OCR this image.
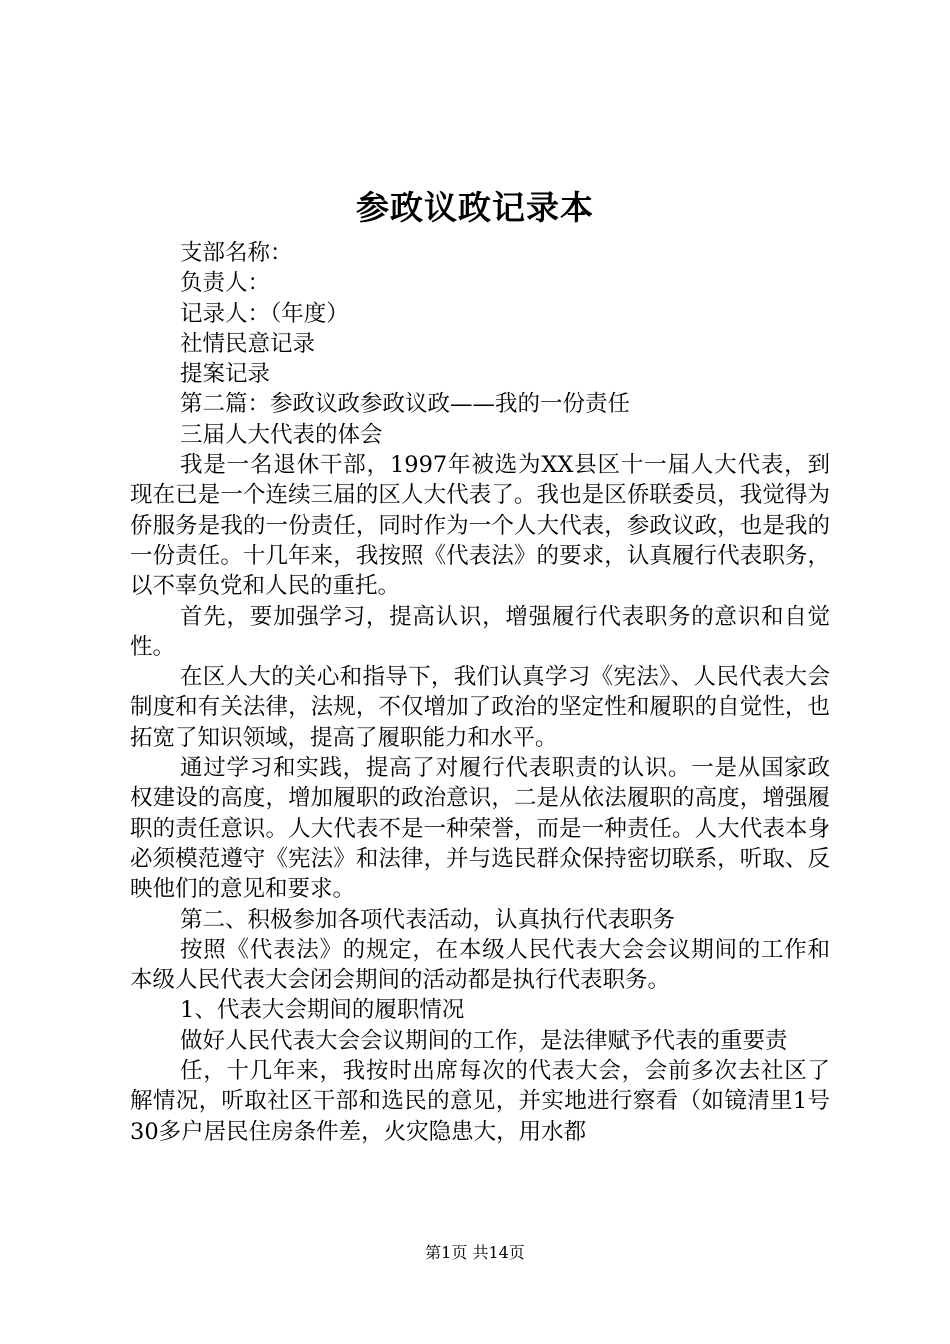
参政议政记录本

支部名称：

负责人：

记录人：（年度）

社情民意记录

提案记录

第二篇：参政议政参政议政——我的一份责任

三届人大代表的体会

我是一名退休干部，1997年被选为XX县区十一届人大代表，到现在已是一个连续三届的区人大代表了。我也是区侨联委员，我觉得为侨服务是我的一份责任，同时作为一个人大代表，参政议政，也是我的一份责任。十几年来，我按照《代表法》的要求，认真履行代表职务，以不辜负党和人民的重托。

首先，要加强学习，提高认识，增强履行代表职务的意识和自觉性。

在区人大的关心和指导下，我们认真学习《宪法》、人民代表大会制度和有关法律，法规，不仅增加了政治的坚定性和履职的自觉性，也拓宽了知识领域，提高了履职能力和水平。

通过学习和实践，提高了对履行代表职责的认识。一是从国家政权建设的高度，增加履职的政治意识，二是从依法履职的高度，增强履职的责任意识。人大代表不是一种荣誉，而是一种责任。人大代表本身必须模范遵守《宪法》和法律，并与选民群众保持密切联系，听取、反映他们的意见和要求。

第二、积极参加各项代表活动，认真执行代表职务

按照《代表法》的规定，在本级人民代表大会会议期间的工作和本级人民代表大会闭会期间的活动都是执行代表职务。

1、代表大会期间的履职情况

做好人民代表大会会议期间的工作，是法律赋予代表的重要责

任，十几年来，我按时出席每次的代表大会，会前多次去社区了解情况，听取社区干部和选民的意见，并实地进行察看（如镜清里1号30多户居民住房条件差，火灾隐患大，用水都

第1页 共14页
